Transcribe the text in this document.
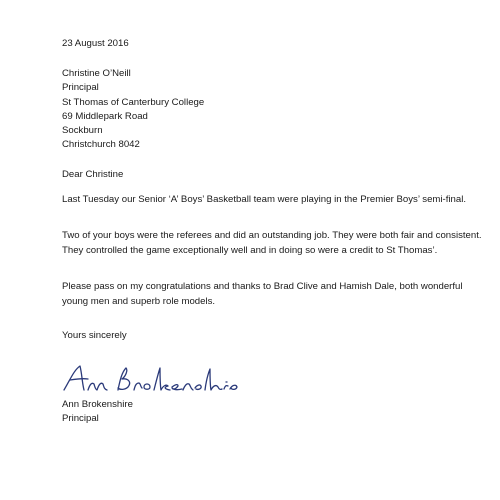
23 August 2016
Christine O’Neill
Principal
St Thomas of Canterbury College
69 Middlepark Road
Sockburn
Christchurch 8042
Dear Christine
Last Tuesday our Senior ‘A’ Boys’ Basketball team were playing in the Premier Boys’ semi-final.
Two of your boys were the referees and did an outstanding job. They were both fair and consistent. They controlled the game exceptionally well and in doing so were a credit to St Thomas’.
Please pass on my congratulations and thanks to Brad Clive and Hamish Dale, both wonderful young men and superb role models.
Yours sincerely
Ann Brokenshire
Principal
